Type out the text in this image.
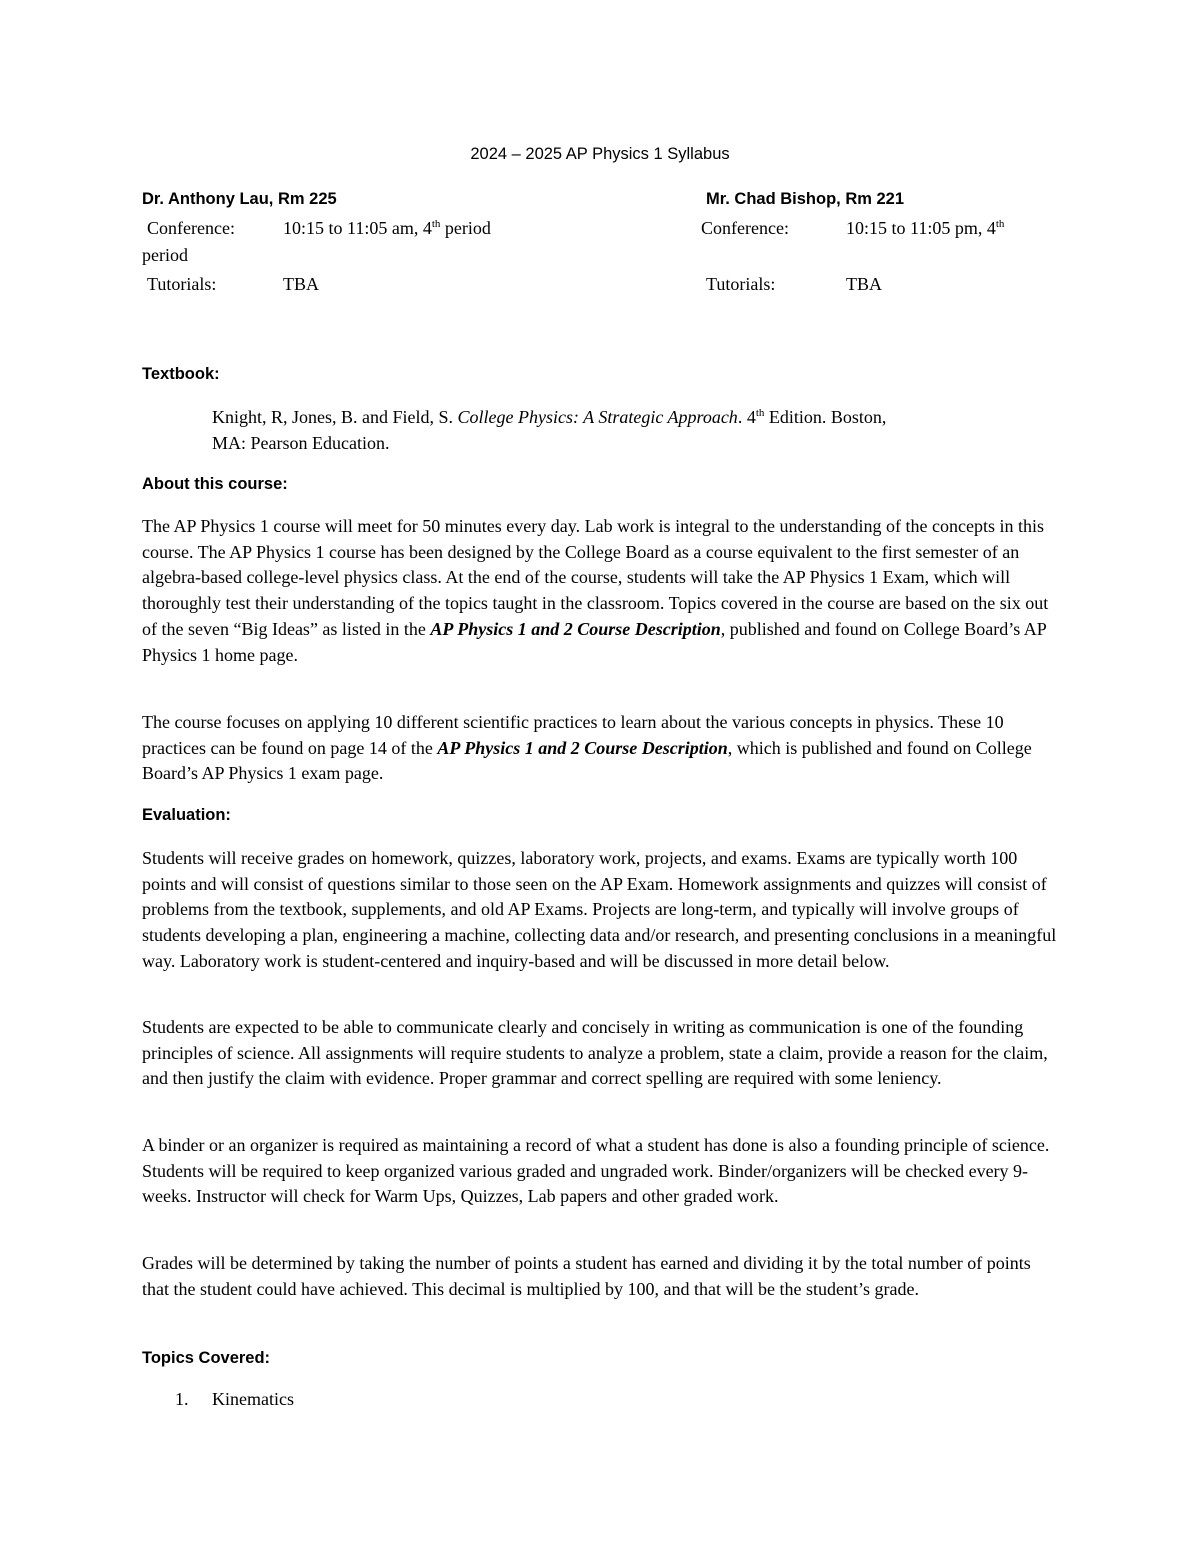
2024 – 2025 AP Physics 1 Syllabus
Dr. Anthony Lau, Rm 225
Conference:	10:15 to 11:05 am, 4th period
period
Tutorials:	TBA
Mr. Chad Bishop, Rm 221
Conference:	10:15 to 11:05 pm, 4th
Tutorials:	TBA
Textbook:
Knight, R, Jones, B. and Field, S. College Physics: A Strategic Approach. 4th Edition. Boston,
MA: Pearson Education.
About this course:

The AP Physics 1 course will meet for 50 minutes every day. Lab work is integral to the understanding of the concepts in this course. The AP Physics 1 course has been designed by the College Board as a course equivalent to the first semester of an algebra-based college-level physics class. At the end of the course, students will take the AP Physics 1 Exam, which will thoroughly test their understanding of the topics taught in the classroom. Topics covered in the course are based on the six out of the seven “Big Ideas” as listed in the AP Physics 1 and 2 Course Description, published and found on College Board’s AP Physics 1 home page.

The course focuses on applying 10 different scientific practices to learn about the various concepts in physics. These 10 practices can be found on page 14 of the AP Physics 1 and 2 Course Description, which is published and found on College Board’s AP Physics 1 exam page.

Evaluation:

Students will receive grades on homework, quizzes, laboratory work, projects, and exams. Exams are typically worth 100 points and will consist of questions similar to those seen on the AP Exam. Homework assignments and quizzes will consist of problems from the textbook, supplements, and old AP Exams. Projects are long-term, and typically will involve groups of students developing a plan, engineering a machine, collecting data and/or research, and presenting conclusions in a meaningful way. Laboratory work is student-centered and inquiry-based and will be discussed in more detail below.

Students are expected to be able to communicate clearly and concisely in writing as communication is one of the founding principles of science. All assignments will require students to analyze a problem, state a claim, provide a reason for the claim, and then justify the claim with evidence. Proper grammar and correct spelling are required with some leniency.

A binder or an organizer is required as maintaining a record of what a student has done is also a founding principle of science. Students will be required to keep organized various graded and ungraded work. Binder/organizers will be checked every 9-weeks. Instructor will check for Warm Ups, Quizzes, Lab papers and other graded work.

Grades will be determined by taking the number of points a student has earned and dividing it by the total number of points that the student could have achieved. This decimal is multiplied by 100, and that will be the student’s grade.

Topics Covered:
1. Kinematics
